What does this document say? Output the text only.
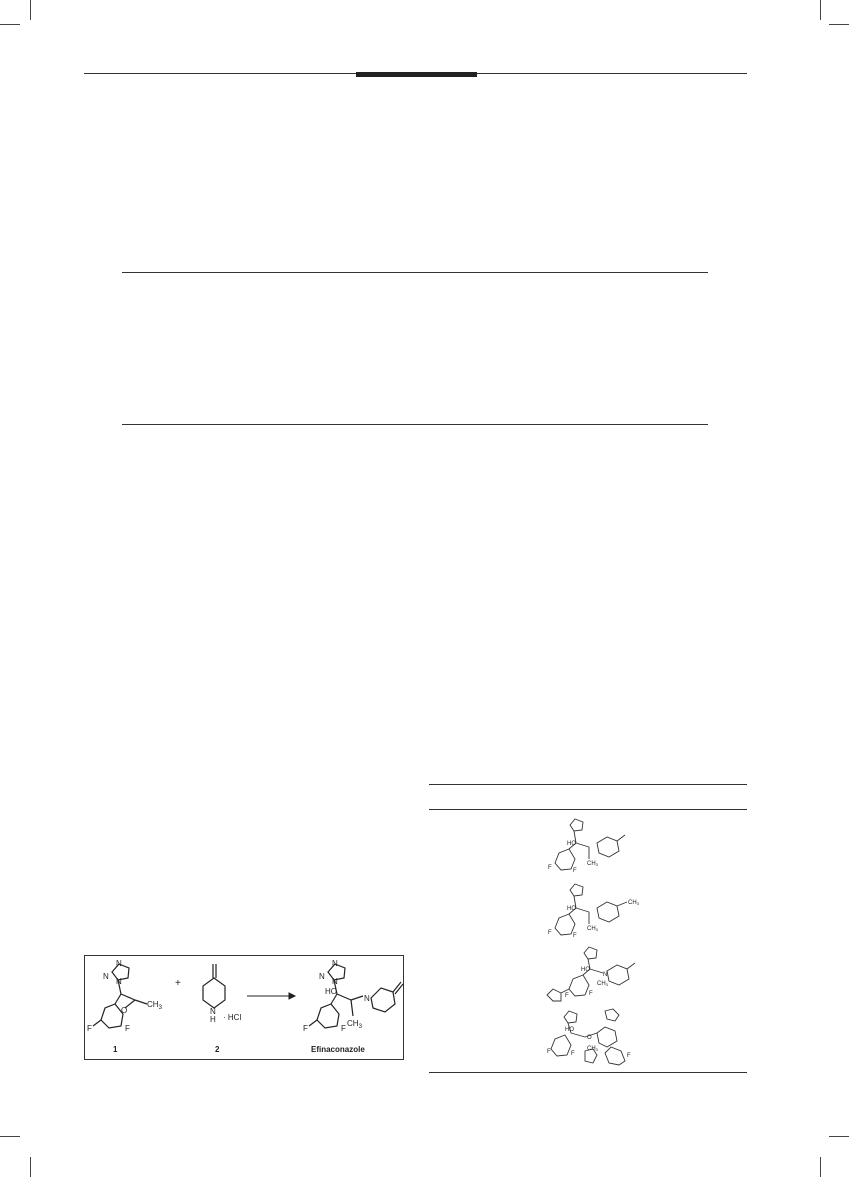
N
N
N
O
$CH_3$
F	F
1
+
N
H · HCl
2
N
N
N
HO
N
$CH_3$
F	F
Efinaconazole
HO
CH3
F	F
HO
CH3
CH3
F	F
HO
CH3
N
F	F
HO
O
CH3
F	F	F
